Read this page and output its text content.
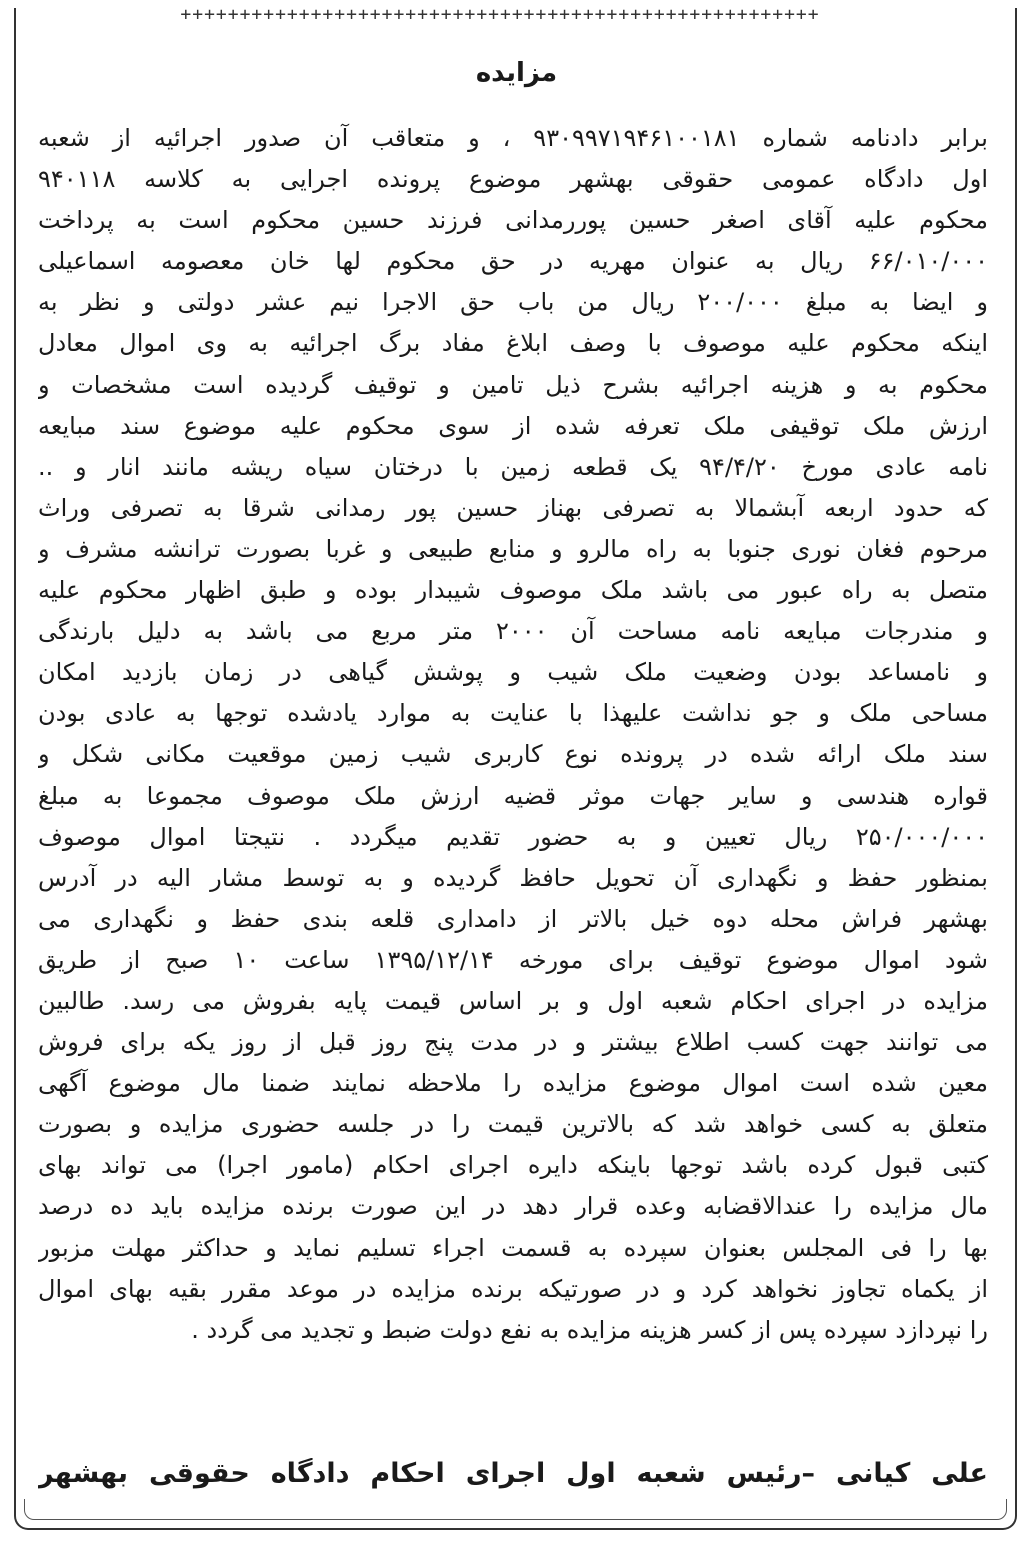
++++++++++++++++++++++++++++++++++++++++++++++++++++++
مزایده
برابر دادنامه شماره ۹۳۰۹۹۷۱۹۴۶۱۰۰۱۸۱ ، و متعاقب آن صدور اجرائیه از شعبه
اول دادگاه عمومی حقوقی بهشهر موضوع پرونده اجرایی به کلاسه ۹۴۰۱۱۸
محکوم علیه آقای اصغر حسین پوررمدانی فرزند حسین محکوم است به پرداخت
۶۶/۰۱۰/۰۰۰ ریال به عنوان مهریه در حق محکوم لها خان معصومه اسماعیلی
و ایضا به مبلغ ۲۰۰/۰۰۰ ریال من باب حق الاجرا نیم عشر دولتی و نظر به
اینکه محکوم علیه موصوف با وصف ابلاغ مفاد برگ اجرائیه به وی اموال معادل
محکوم به و هزینه اجرائیه بشرح ذیل تامین و توقیف گردیده است مشخصات و
ارزش ملک توقیفی ملک تعرفه شده از سوی محکوم علیه موضوع سند مبایعه
نامه عادی مورخ ۹۴/۴/۲۰ یک قطعه زمین با درختان سیاه ریشه مانند انار و ..
که حدود اربعه آبشمالا به تصرفی بهناز حسین پور رمدانی شرقا به تصرفی وراث
مرحوم فغان نوری جنوبا به راه مالرو و منابع طبیعی و غربا بصورت ترانشه مشرف و
متصل به راه عبور می باشد ملک موصوف شیبدار بوده و طبق اظهار محکوم علیه
و مندرجات مبایعه نامه مساحت آن ۲۰۰۰ متر مربع می باشد به دلیل بارندگی
و نامساعد بودن وضعیت ملک شیب و پوشش گیاهی در زمان بازدید امکان
مساحی ملک و جو نداشت علیهذا با عنایت به موارد یادشده توجها به عادی بودن
سند ملک ارائه شده در پرونده نوع کاربری شیب زمین موقعیت مکانی شکل و
قواره هندسی و سایر جهات موثر قضیه ارزش ملک موصوف مجموعا به مبلغ
۲۵۰/۰۰۰/۰۰۰ ریال تعیین و به حضور تقدیم میگردد . نتیجتا اموال موصوف
بمنظور حفظ و نگهداری آن تحویل حافظ گردیده و به توسط مشار الیه در آدرس
بهشهر فراش محله دوه خیل بالاتر از دامداری قلعه بندی حفظ و نگهداری می
شود اموال موضوع توقیف برای مورخه ۱۳۹۵/۱۲/۱۴ ساعت ۱۰ صبح از طریق
مزایده در اجرای احکام شعبه اول و بر اساس قیمت پایه بفروش می رسد. طالبین
می توانند جهت کسب اطلاع بیشتر و در مدت پنج روز قبل از روز یکه برای فروش
معین شده است اموال موضوع مزایده را ملاحظه نمایند ضمنا مال موضوع آگهی
متعلق به کسی خواهد شد که بالاترین قیمت را در جلسه حضوری مزایده و بصورت
کتبی قبول کرده باشد توجها باینکه دایره اجرای احکام (مامور اجرا) می تواند بهای
مال مزایده را عندالاقضابه وعده قرار دهد در این صورت برنده مزایده باید ده درصد
بها را فی المجلس بعنوان سپرده به قسمت اجراء تسلیم نماید و حداکثر مهلت مزبور
از یکماه تجاوز نخواهد کرد و در صورتیکه برنده مزایده در موعد مقرر بقیه بهای اموال
را نپردازد سپرده پس از کسر هزینه مزایده به نفع دولت ضبط و تجدید می گردد .
علی کیانی –رئیس شعبه اول اجرای احکام دادگاه حقوقی بهشهر
